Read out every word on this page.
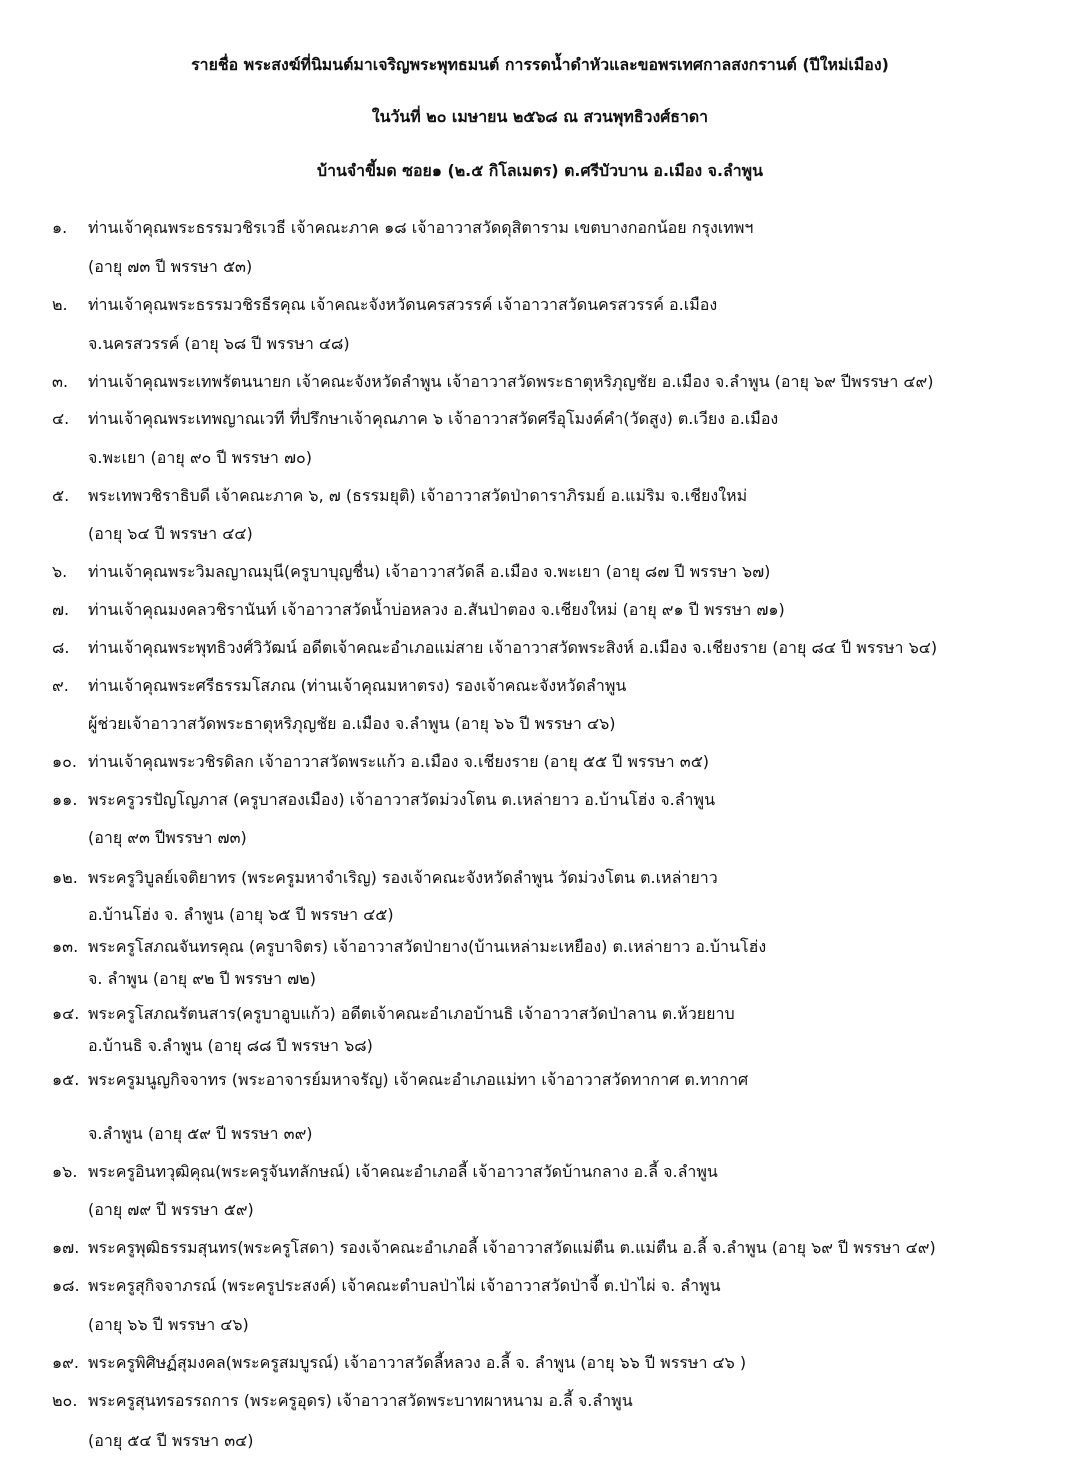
รายชื่อ พระสงฆ์ที่นิมนต์มาเจริญพระพุทธมนต์ การรดน้ำดำหัวและขอพรเทศกาลสงกรานต์ (ปีใหม่เมือง)
ในวันที่ ๒๐ เมษายน ๒๕๖๘ ณ สวนพุทธิวงศ์ธาดา
บ้านจำขี้มด ซอย๑ (๒.๕ กิโลเมตร) ต.ศรีบัวบาน อ.เมือง จ.ลำพูน
๑. ท่านเจ้าคุณพระธรรมวชิรเวธี เจ้าคณะภาค ๑๘ เจ้าอาวาสวัดดุสิตาราม เขตบางกอกน้อย กรุงเทพฯ
(อายุ ๗๓ ปี พรรษา ๕๓)
๒. ท่านเจ้าคุณพระธรรมวชิรธีรคุณ เจ้าคณะจังหวัดนครสวรรค์ เจ้าอาวาสวัดนครสวรรค์ อ.เมือง
จ.นครสวรรค์ (อายุ ๖๘ ปี พรรษา ๔๘)
๓. ท่านเจ้าคุณพระเทพรัตนนายก เจ้าคณะจังหวัดลำพูน เจ้าอาวาสวัดพระธาตุหริภุญชัย อ.เมือง จ.ลำพูน (อายุ ๖๙ ปีพรรษา ๔๙)
๔. ท่านเจ้าคุณพระเทพญาณเวที ที่ปรึกษาเจ้าคุณภาค ๖ เจ้าอาวาสวัดศรีอุโมงค์คำ(วัดสูง) ต.เวียง อ.เมือง
จ.พะเยา (อายุ ๙๐ ปี พรรษา ๗๐)
๕. พระเทพวชิราธิบดี เจ้าคณะภาค ๖, ๗ (ธรรมยุติ) เจ้าอาวาสวัดป่าดาราภิรมย์ อ.แม่ริม จ.เชียงใหม่
(อายุ ๖๔ ปี พรรษา ๔๔)
๖. ท่านเจ้าคุณพระวิมลญาณมุนี(ครูบาบุญชื่น) เจ้าอาวาสวัดลี อ.เมือง จ.พะเยา (อายุ ๘๗ ปี พรรษา ๖๗)
๗. ท่านเจ้าคุณมงคลวชิรานันท์ เจ้าอาวาสวัดน้ำบ่อหลวง อ.สันป่าตอง จ.เชียงใหม่ (อายุ ๙๑ ปี พรรษา ๗๑)
๘. ท่านเจ้าคุณพระพุทธิวงศ์วิวัฒน์ อดีตเจ้าคณะอำเภอแม่สาย เจ้าอาวาสวัดพระสิงห์ อ.เมือง จ.เชียงราย (อายุ ๘๔ ปี พรรษา ๖๔)
๙. ท่านเจ้าคุณพระศรีธรรมโสภณ (ท่านเจ้าคุณมหาตรง) รองเจ้าคณะจังหวัดลำพูน
ผู้ช่วยเจ้าอาวาสวัดพระธาตุหริภุญชัย อ.เมือง จ.ลำพูน (อายุ ๖๖ ปี พรรษา ๔๖)
๑๐. ท่านเจ้าคุณพระวชิรดิลก เจ้าอาวาสวัดพระแก้ว อ.เมือง จ.เชียงราย (อายุ ๕๕ ปี พรรษา ๓๕)
๑๑. พระครูวรปัญโญภาส (ครูบาสองเมือง) เจ้าอาวาสวัดม่วงโตน ต.เหล่ายาว อ.บ้านโฮ่ง จ.ลำพูน
(อายุ ๙๓ ปีพรรษา ๗๓)
๑๒. พระครูวิบูลย์เจติยาทร (พระครูมหาจำเริญ) รองเจ้าคณะจังหวัดลำพูน วัดม่วงโตน ต.เหล่ายาว
อ.บ้านโฮ่ง จ. ลำพูน (อายุ ๖๕ ปี พรรษา ๔๕)
๑๓. พระครูโสภณจันทรคุณ (ครูบาจิตร) เจ้าอาวาสวัดป่ายาง(บ้านเหล่ามะเหยือง) ต.เหล่ายาว อ.บ้านโฮ่ง
จ. ลำพูน (อายุ ๙๒ ปี พรรษา ๗๒)
๑๔. พระครูโสภณรัตนสาร(ครูบาอูบแก้ว) อดีตเจ้าคณะอำเภอบ้านธิ เจ้าอาวาสวัดป่าลาน ต.ห้วยยาบ
อ.บ้านธิ จ.ลำพูน (อายุ ๘๘ ปี พรรษา ๖๘)
๑๕. พระครูมนูญกิจจาทร (พระอาจารย์มหาจรัญ) เจ้าคณะอำเภอแม่ทา เจ้าอาวาสวัดทากาศ ต.ทากาศ
จ.ลำพูน (อายุ ๕๙ ปี พรรษา ๓๙)
๑๖. พระครูอินทวุฒิคุณ(พระครูจันทลักษณ์) เจ้าคณะอำเภอลี้ เจ้าอาวาสวัดบ้านกลาง อ.ลี้ จ.ลำพูน
(อายุ ๗๙ ปี พรรษา ๕๙)
๑๗. พระครูพุฒิธรรมสุนทร(พระครูโสดา) รองเจ้าคณะอำเภอลี้ เจ้าอาวาสวัดแม่ตืน ต.แม่ตืน อ.ลี้ จ.ลำพูน (อายุ ๖๙ ปี พรรษา ๔๙)
๑๘. พระครูสุกิจจาภรณ์ (พระครูประสงค์) เจ้าคณะตำบลป่าไผ่ เจ้าอาวาสวัดป่าจี้ ต.ป่าไผ่ จ. ลำพูน
(อายุ ๖๖ ปี พรรษา ๔๖)
๑๙. พระครูพิศิษฏ์สุมงคล(พระครูสมบูรณ์) เจ้าอาวาสวัดลี้หลวง อ.ลี้ จ. ลำพูน (อายุ ๖๖ ปี พรรษา ๔๖ )
๒๐. พระครูสุนทรอรรถการ (พระครูอุดร) เจ้าอาวาสวัดพระบาทผาหนาม อ.ลี้ จ.ลำพูน
(อายุ ๕๔ ปี พรรษา ๓๔)
